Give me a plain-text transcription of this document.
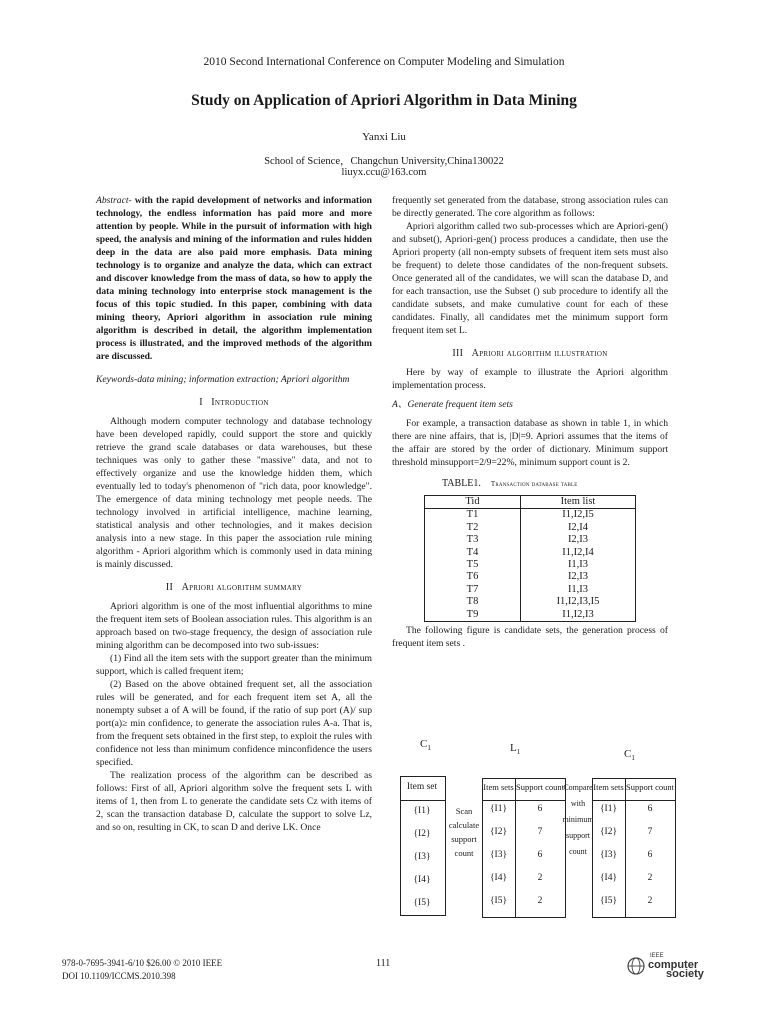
2010 Second International Conference on Computer Modeling and Simulation
Study on Application of Apriori Algorithm in Data Mining
Yanxi Liu
School of Science，Changchun University,China130022
liuyx.ccu@163.com

Abstract- with the rapid development of networks and information technology, the endless information has paid more and more attention by people. While in the pursuit of information with high speed, the analysis and mining of the information and rules hidden deep in the data are also paid more emphasis. Data mining technology is to organize and analyze the data, which can extract and discover knowledge from the mass of data, so how to apply the data mining technology into enterprise stock management is the focus of this topic studied. In this paper, combining with data mining theory, Apriori algorithm in association rule mining algorithm is described in detail, the algorithm implementation process is illustrated, and the improved methods of the algorithm are discussed.

Keywords-data mining; information extraction; Apriori algorithm

I Introduction

Although modern computer technology and database technology have been developed rapidly, could support the store and quickly retrieve the grand scale databases or data warehouses, but these techniques was only to gather these "massive" data, and not to effectively organize and use the knowledge hidden them, which eventually led to today's phenomenon of "rich data, poor knowledge". The emergence of data mining technology met people needs. The technology involved in artificial intelligence, machine learning, statistical analysis and other technologies, and it makes decision analysis into a new stage. In this paper the association rule mining algorithm - Apriori algorithm which is commonly used in data mining is mainly discussed.

II Apriori algorithm summary

Apriori algorithm is one of the most influential algorithms to mine the frequent item sets of Boolean association rules. This algorithm is an approach based on two-stage frequency, the design of association rule mining algorithm can be decomposed into two sub-issues:

(1) Find all the item sets with the support greater than the minimum support, which is called frequent item;

(2) Based on the above obtained frequent set, all the association rules will be generated, and for each frequent item set A, all the nonempty subset a of A will be found, if the ratio of sup port (A)/ sup port(a)≥ min confidence, to generate the association rules A-a. That is, from the frequent sets obtained in the first step, to exploit the rules with confidence not less than minimum confidence minconfidence the users specified.

The realization process of the algorithm can be described as follows: First of all, Apriori algorithm solve the frequent sets L with items of 1, then from L to generate the candidate sets Cz with items of 2, scan the transaction database D, calculate the support to solve Lz, and so on, resulting in CK, to scan D and derive LK. Once

frequently set generated from the database, strong association rules can be directly generated. The core algorithm as follows:

Apriori algorithm called two sub-processes which are Apriori-gen() and subset(), Apriori-gen() process produces a candidate, then use the Apriori property (all non-empty subsets of frequent item sets must also be frequent) to delete those candidates of the non-frequent subsets. Once generated all of the candidates, we will scan the database D, and for each transaction, use the Subset () sub procedure to identify all the candidate subsets, and make cumulative count for each of these candidates. Finally, all candidates met the minimum support form frequent item set L.

III Apriori algorithm illustration

Here by way of example to illustrate the Apriori algorithm implementation process.

A、Generate frequent item sets

For example, a transaction database as shown in table 1, in which there are nine affairs, that is, |D|=9. Apriori assumes that the items of the affair are stored by the order of dictionary. Minimum support threshold minsupport=2/9=22%, minimum support count is 2.

TABLE1. Transaction database table

Tid	Item list
T1	I1,I2,I5
T2	I2,I4
T3	I2,I3
T4	I1,I2,I4
T5	I1,I3
T6	I2,I3
T7	I1,I3
T8	I1,I2,I3,I5
T9	I1,I2,I3

The following figure is candidate sets, the generation process of frequent item sets .

$C_1$	$L_1$	$C_1$
Item set
{I1}
{I2}
{I3}
{I4}
{I5}
Scan
calculate
support
count
Item sets Support count
{I1}	6
{I2}	7
{I3}	6
{I4}	2
{I5}	2
Compare
with
minimum
support
count
Item sets Support count
{I1}	6
{I2}	7
{I3}	6
{I4}	2
{I5}	2
978-0-7695-3941-6/10 $26.00 © 2010 IEEE
DOI 10.1109/ICCMS.2010.398
111
IEEE
computer
society
